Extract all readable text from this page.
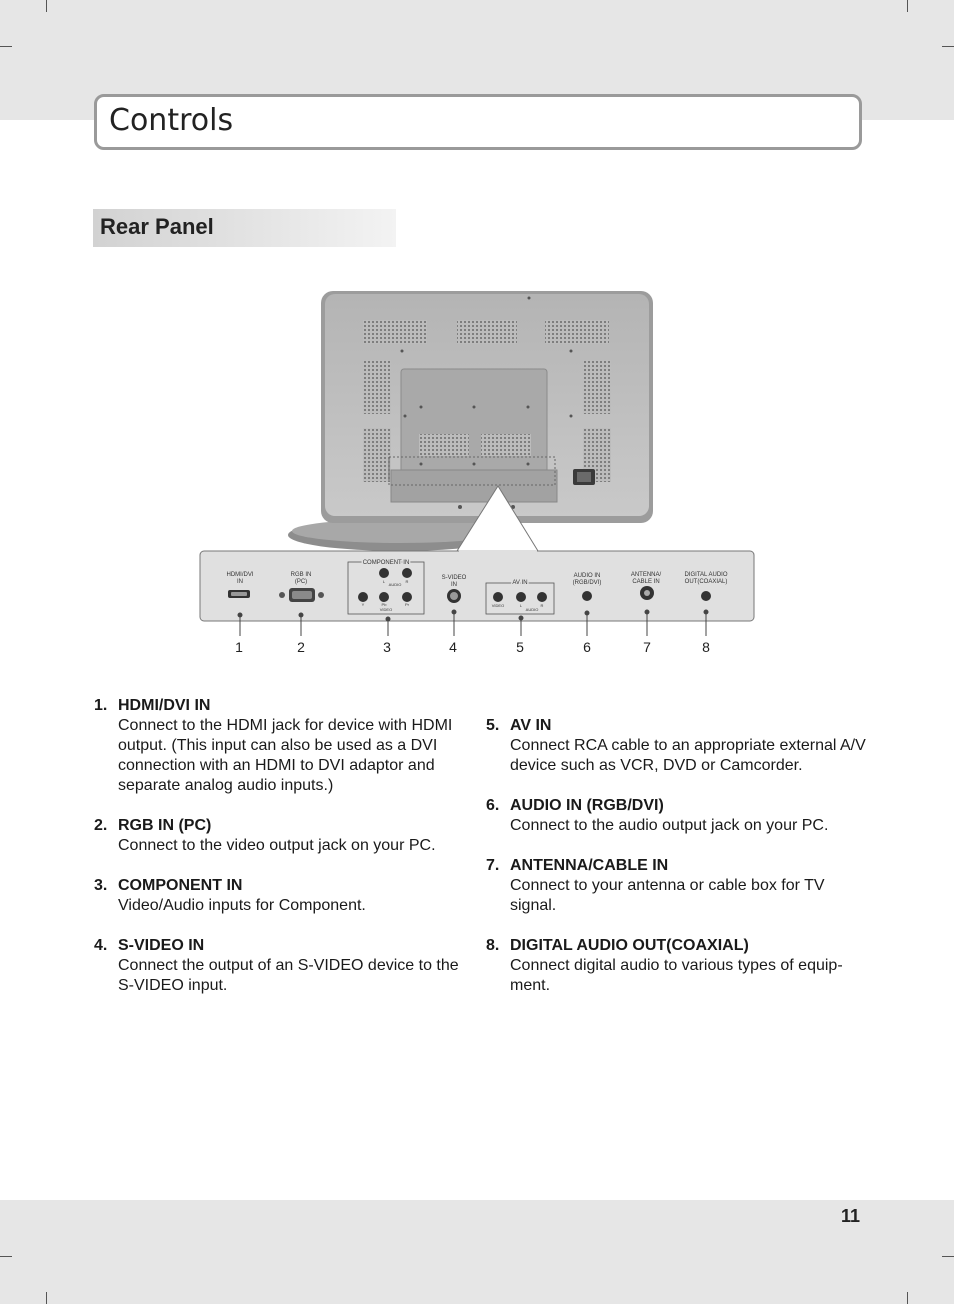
Controls
Rear Panel
HDMI/DVI
IN
RGB IN
(PC)
COMPONENT IN
L	R
AUDIO
Y	Pb	Pr
VIDEO
S-VIDEO
IN	AV IN
VIDEO	L	R
AUDIO
AUDIO IN
(RGB/DVI)
ANTENNA/
CABLE IN
DIGITAL AUDIO
OUT(COAXIAL)
1	2	3	4	5	6	7	8
1. HDMI/DVI IN
Connect to the HDMI jack for device with HDMI output. (This input can also be used as a DVI connection with an HDMI to DVI adaptor and separate analog audio inputs.)
2. RGB IN (PC)
Connect to the video output jack on your PC.
3. COMPONENT IN
Video/Audio inputs for Component.
4. S-VIDEO IN
Connect the output of an S-VIDEO device to the S-VIDEO input.
5. AV IN
Connect RCA cable to an appropriate external A/V device such as VCR, DVD or Camcorder.
6. AUDIO IN (RGB/DVI)
Connect to the audio output jack on your PC.
7. ANTENNA/CABLE IN
Connect to your antenna or cable box for TV signal.
8. DIGITAL AUDIO OUT(COAXIAL)
Connect digital audio to various types of equip-ment.
11
